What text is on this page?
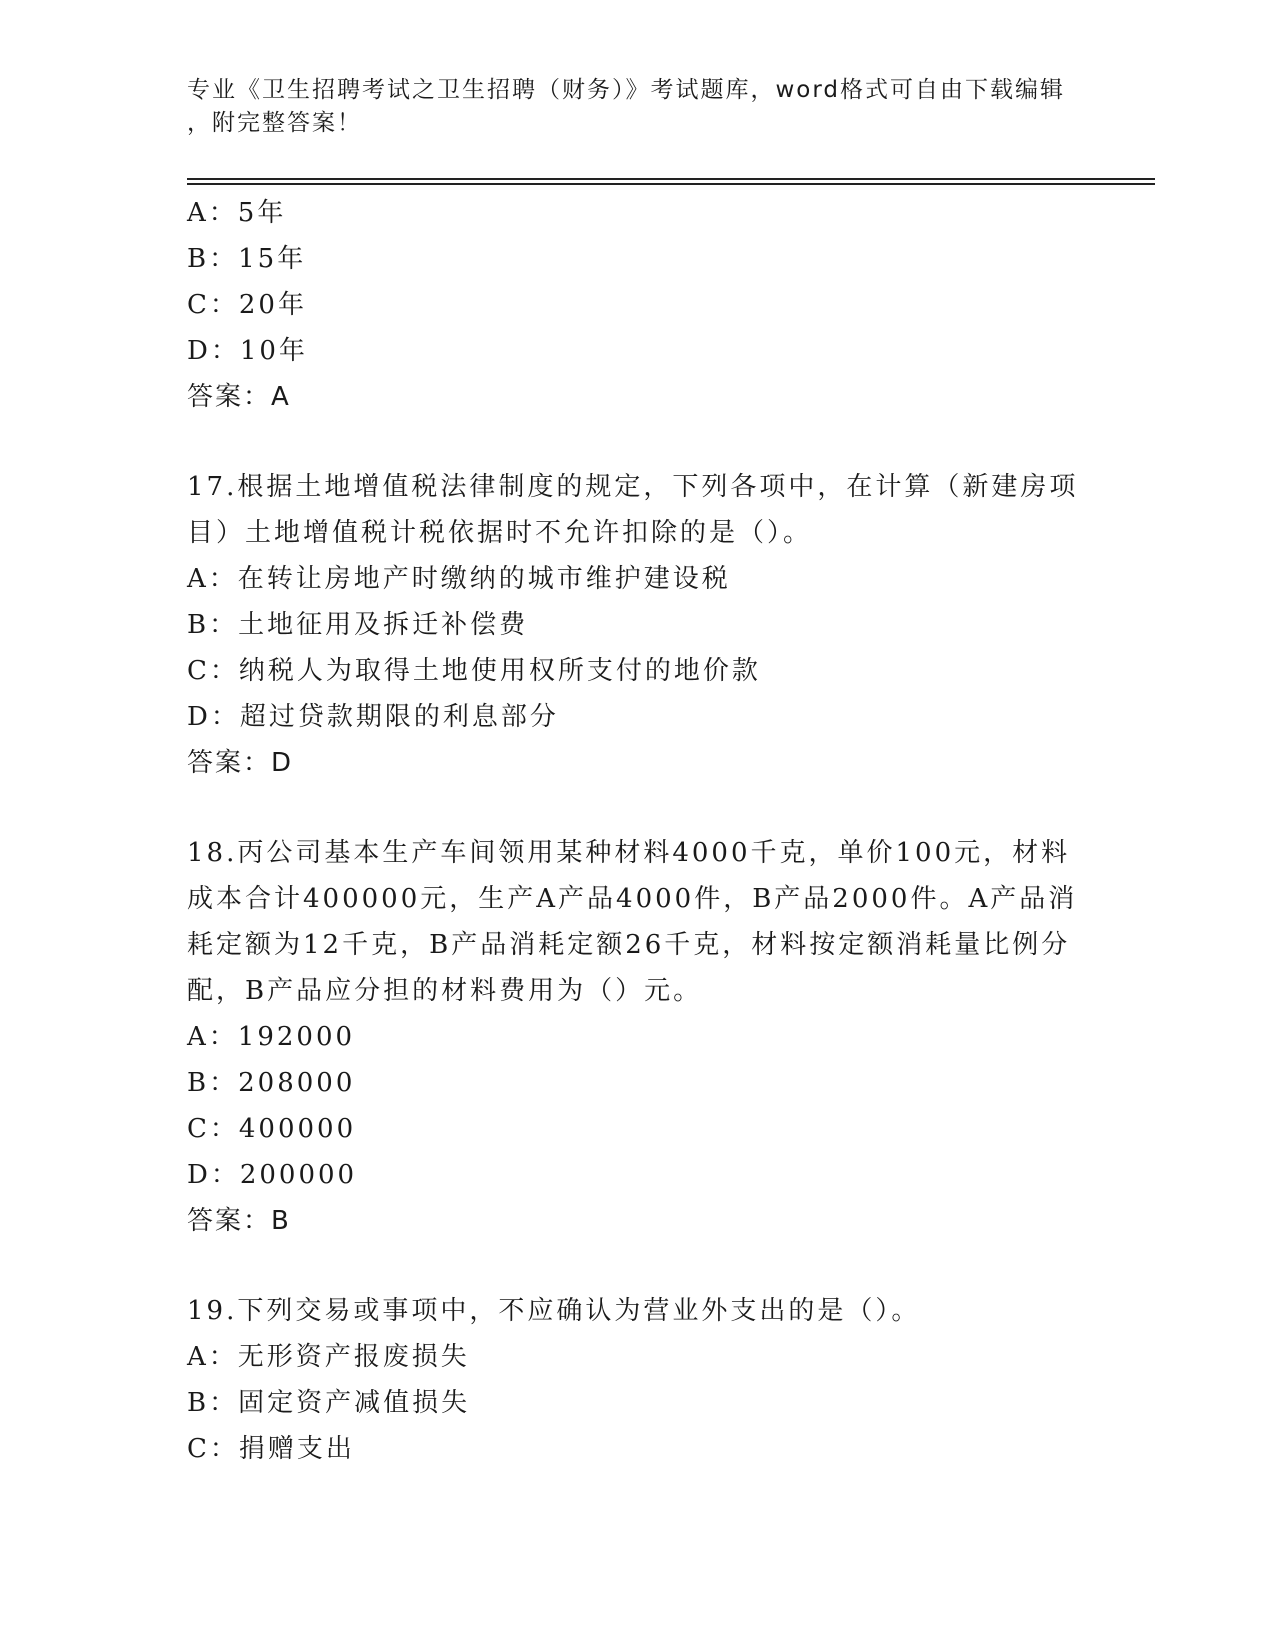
专业《卫生招聘考试之卫生招聘（财务）》考试题库，word格式可自由下载编辑
，附完整答案！
A：5年
B：15年
C：20年
D：10年
答案：A
17.根据土地增值税法律制度的规定，下列各项中，在计算（新建房项目）土地增值税计税依据时不允许扣除的是（）。
A：在转让房地产时缴纳的城市维护建设税
B：土地征用及拆迁补偿费
C：纳税人为取得土地使用权所支付的地价款
D：超过贷款期限的利息部分
答案：D
18.丙公司基本生产车间领用某种材料4000千克，单价100元，材料成本合计400000元，生产A产品4000件，B产品2000件。A产品消耗定额为12千克，B产品消耗定额26千克，材料按定额消耗量比例分配，B产品应分担的材料费用为（）元。
A：192000
B：208000
C：400000
D：200000
答案：B
19.下列交易或事项中，不应确认为营业外支出的是（）。
A：无形资产报废损失
B：固定资产减值损失
C：捐赠支出
